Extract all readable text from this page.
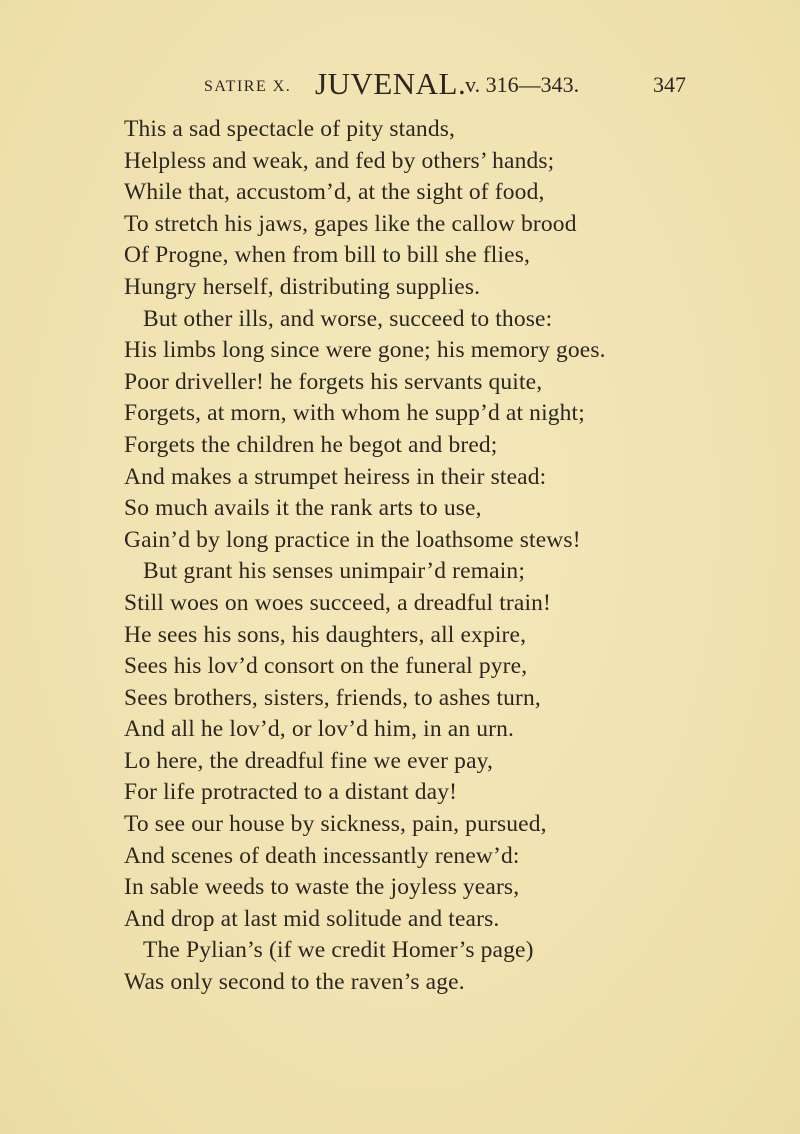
SATIRE X. JUVENAL.
v. 316—343.	347
This a sad spectacle of pity stands,
Helpless and weak, and fed by others’ hands;
While that, accustom’d, at the sight of food,
To stretch his jaws, gapes like the callow brood
Of Progne, when from bill to bill she flies,
Hungry herself, distributing supplies.
But other ills, and worse, succeed to those:
His limbs long since were gone; his memory goes.
Poor driveller! he forgets his servants quite,
Forgets, at morn, with whom he supp’d at night;
Forgets the children he begot and bred;
And makes a strumpet heiress in their stead:
So much avails it the rank arts to use,
Gain’d by long practice in the loathsome stews!
But grant his senses unimpair’d remain;
Still woes on woes succeed, a dreadful train!
He sees his sons, his daughters, all expire,
Sees his lov’d consort on the funeral pyre,
Sees brothers, sisters, friends, to ashes turn,
And all he lov’d, or lov’d him, in an urn.
Lo here, the dreadful fine we ever pay,
For life protracted to a distant day!
To see our house by sickness, pain, pursued,
And scenes of death incessantly renew’d:
In sable weeds to waste the joyless years,
And drop at last mid solitude and tears.
The Pylian’s (if we credit Homer’s page)
Was only second to the raven’s age.
